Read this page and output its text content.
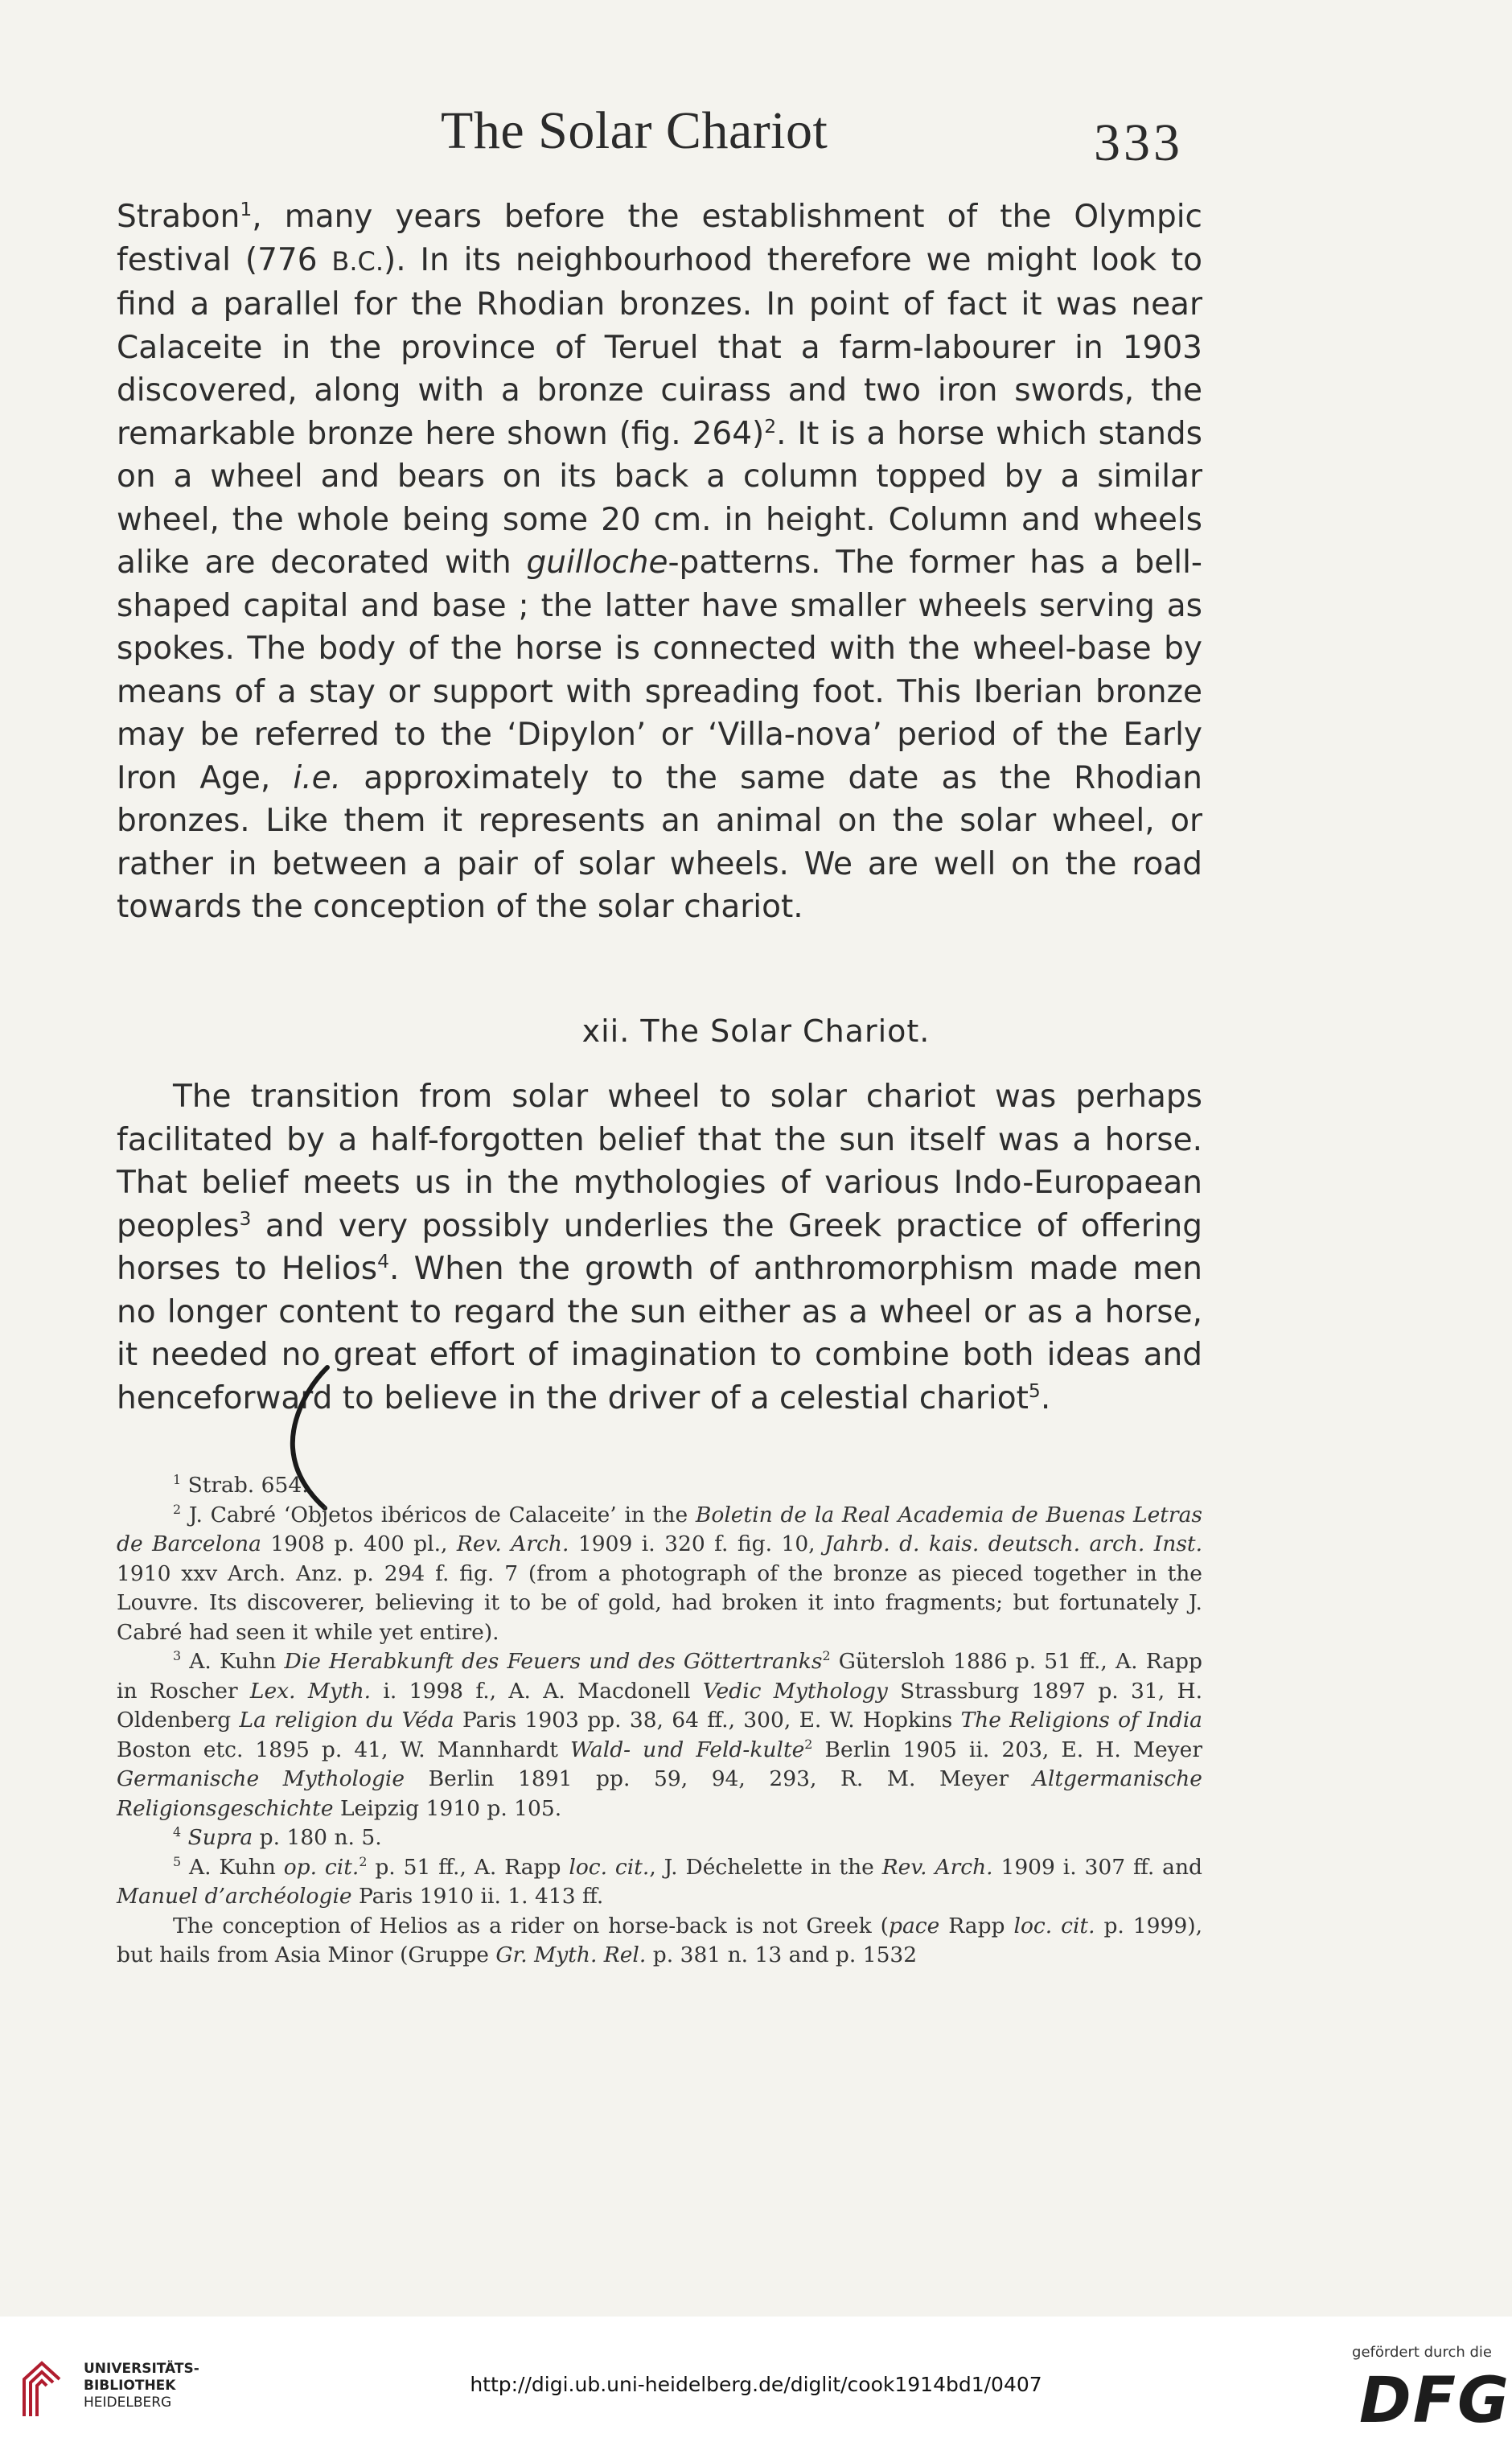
The Solar Chariot	333

Strabon$^1$, many years before the establishment of the Olympic festival (776 B.C.). In its neighbourhood therefore we might look to find a parallel for the Rhodian bronzes. In point of fact it was near Calaceite in the province of Teruel that a farm-labourer in 1903 discovered, along with a bronze cuirass and two iron swords, the remarkable bronze here shown (fig. 264)$^2$. It is a horse which stands on a wheel and bears on its back a column topped by a similar wheel, the whole being some 20 cm. in height. Column and wheels alike are decorated with guilloche-patterns. The former has a bell-shaped capital and base ; the latter have smaller wheels serving as spokes. The body of the horse is connected with the wheel-base by means of a stay or support with spreading foot. This Iberian bronze may be referred to the ‘Dipylon’ or ‘Villa-nova’ period of the Early Iron Age, i.e. approximately to the same date as the Rhodian bronzes. Like them it represents an animal on the solar wheel, or rather in between a pair of solar wheels. We are well on the road towards the conception of the solar chariot.

xii. The Solar Chariot.

The transition from solar wheel to solar chariot was perhaps facilitated by a half-forgotten belief that the sun itself was a horse. That belief meets us in the mythologies of various Indo-Europaean peoples$^3$ and very possibly underlies the Greek practice of offering horses to Helios$^4$. When the growth of anthromorphism made men no longer content to regard the sun either as a wheel or as a horse, it needed no great effort of imagination to combine both ideas and henceforward to believe in the driver of a celestial chariot$^5$.

$^1$ Strab. 654.

$^2$ J. Cabré ‘Objetos ibéricos de Calaceite’ in the Boletin de la Real Academia de Buenas Letras de Barcelona 1908 p. 400 pl., Rev. Arch. 1909 i. 320 f. fig. 10, Jahrb. d. kais. deutsch. arch. Inst. 1910 xxv Arch. Anz. p. 294 f. fig. 7 (from a photograph of the bronze as pieced together in the Louvre. Its discoverer, believing it to be of gold, had broken it into fragments; but fortunately J. Cabré had seen it while yet entire).

$^3$ A. Kuhn Die Herabkunft des Feuers und des Göttertranks$^2$ Gütersloh 1886 p. 51 ff., A. Rapp in Roscher Lex. Myth. i. 1998 f., A. A. Macdonell Vedic Mythology Strassburg 1897 p. 31, H. Oldenberg La religion du Véda Paris 1903 pp. 38, 64 ff., 300, E. W. Hopkins The Religions of India Boston etc. 1895 p. 41, W. Mannhardt Wald- und Feld-kulte$^2$ Berlin 1905 ii. 203, E. H. Meyer Germanische Mythologie Berlin 1891 pp. 59, 94, 293, R. M. Meyer Altgermanische Religionsgeschichte Leipzig 1910 p. 105.

$^4$ Supra p. 180 n. 5.

$^5$ A. Kuhn op. cit.$^2$ p. 51 ff., A. Rapp loc. cit., J. Déchelette in the Rev. Arch. 1909 i. 307 ff. and Manuel d’archéologie Paris 1910 ii. 1. 413 ff.

The conception of Helios as a rider on horse-back is not Greek (pace Rapp loc. cit. p. 1999), but hails from Asia Minor (Gruppe Gr. Myth. Rel. p. 381 n. 13 and p. 1532

UNIVERSITÄTS-
BIBLIOTHEK
HEIDELBERG
http://digi.ub.uni-heidelberg.de/diglit/cook1914bd1/0407
gefördert durch die
DFG
